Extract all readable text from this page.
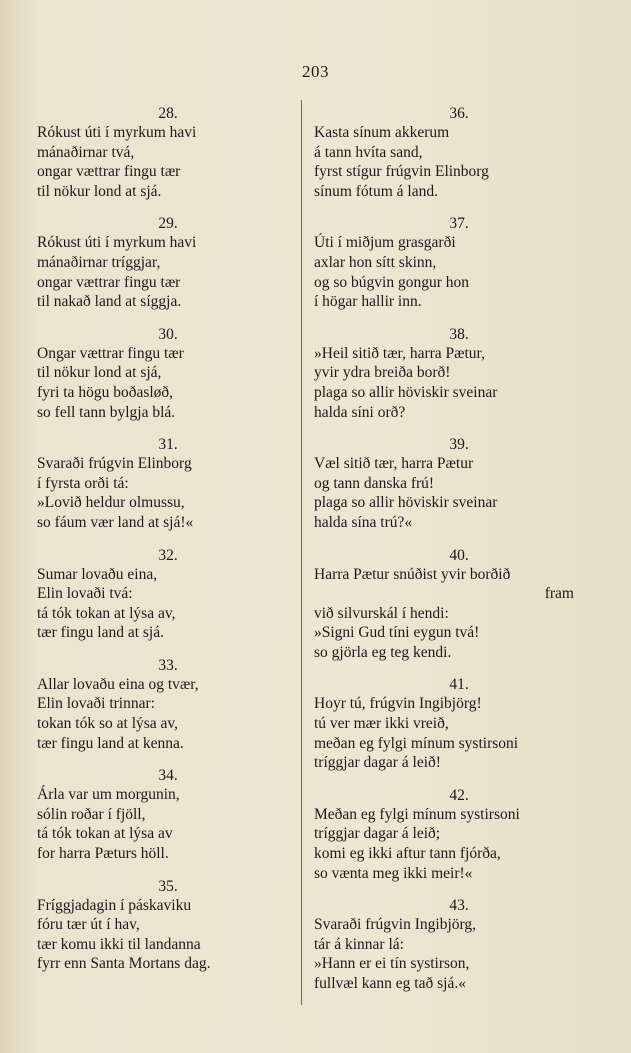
203
28.
Rókust úti í myrkum havi
mánaðirnar tvá,
ongar vættrar fingu tær
til nökur lond at sjá.
29.
Rókust úti í myrkum havi
mánaðirnar tríggjar,
ongar vættrar fingu tær
til nakað land at síggja.
30.
Ongar vættrar fingu tær
til nökur lond at sjá,
fyri ta högu boðasløð,
so fell tann bylgja blá.
31.
Svaraði frúgvin Elinborg
í fyrsta orði tá:
»Lovið heldur olmussu,
so fáum vær land at sjá!«
32.
Sumar lovaðu eina,
Elin lovaði tvá:
tá tók tokan at lýsa av,
tær fingu land at sjá.
33.
Allar lovaðu eina og tvær,
Elin lovaði trinnar:
tokan tók so at lýsa av,
tær fingu land at kenna.
34.
Árla var um morgunin,
sólin roðar í fjöll,
tá tók tokan at lýsa av
for harra Pæturs höll.
35.
Fríggjadagin í páskaviku
fóru tær út í hav,
tær komu ikki til landanna
fyrr enn Santa Mortans dag.
36.
Kasta sínum akkerum
á tann hvíta sand,
fyrst stígur frúgvin Elinborg
sínum fótum á land.
37.
Úti í miðjum grasgarði
axlar hon sítt skinn,
og so búgvin gongur hon
í högar hallir inn.
38.
»Heil sitið tær, harra Pætur,
yvir ydra breiða borð!
plaga so allir höviskir sveinar
halda síni orð?
39.
Væl sitið tær, harra Pætur
og tann danska frú!
plaga so allir höviskir sveinar
halda sína trú?«
40.
Harra Pætur snúðist yvir borðið
fram
við silvurskál í hendi:
»Signi Gud tíni eygun tvá!
so gjörla eg teg kendi.
41.
Hoyr tú, frúgvin Ingibjörg!
tú ver mær ikki vreið,
meðan eg fylgi mínum systirsoni
tríggjar dagar á leið!
42.
Meðan eg fylgi mínum systirsoni
tríggjar dagar á leið;
komi eg ikki aftur tann fjórða,
so vænta meg ikki meir!«
43.
Svaraði frúgvin Ingibjörg,
tár á kinnar lá:
»Hann er ei tín systirson,
fullvæl kann eg tað sjá.«
